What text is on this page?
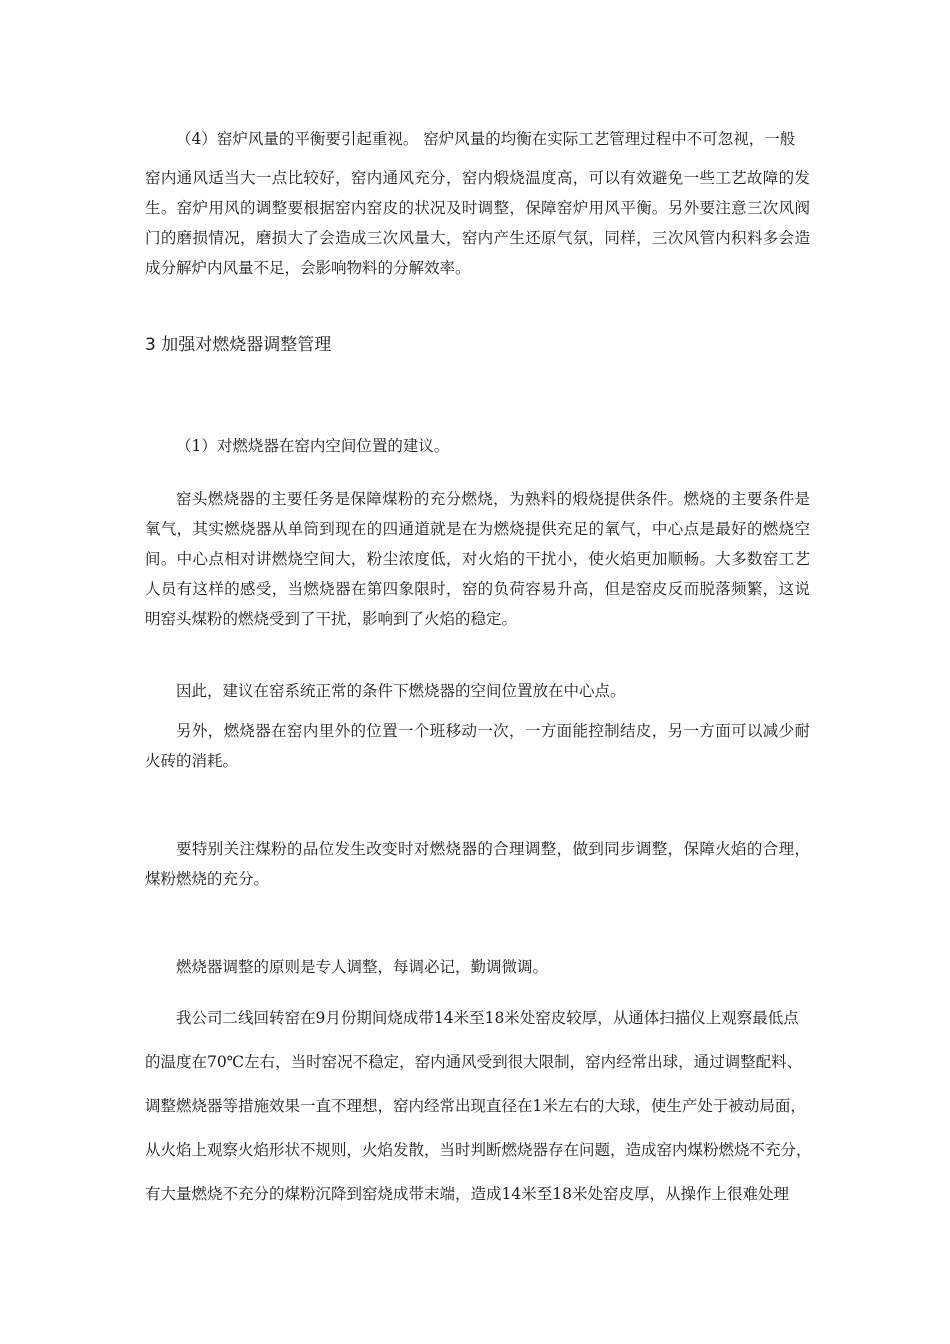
（4）窑炉风量的平衡要引起重视。 窑炉风量的均衡在实际工艺管理过程中不可忽视，一般

窑内通风适当大一点比较好，窑内通风充分，窑内煅烧温度高，可以有效避免一些工艺故障的发生。窑炉用风的调整要根据窑内窑皮的状况及时调整，保障窑炉用风平衡。另外要注意三次风阀门的磨损情况，磨损大了会造成三次风量大，窑内产生还原气氛，同样，三次风管内积料多会造成分解炉内风量不足，会影响物料的分解效率。

3 加强对燃烧器调整管理

（1）对燃烧器在窑内空间位置的建议。

窑头燃烧器的主要任务是保障煤粉的充分燃烧，为熟料的煅烧提供条件。燃烧的主要条件是氧气，其实燃烧器从单筒到现在的四通道就是在为燃烧提供充足的氧气，中心点是最好的燃烧空间。中心点相对讲燃烧空间大，粉尘浓度低，对火焰的干扰小，使火焰更加顺畅。大多数窑工艺人员有这样的感受，当燃烧器在第四象限时，窑的负荷容易升高，但是窑皮反而脱落频繁，这说明窑头煤粉的燃烧受到了干扰，影响到了火焰的稳定。

因此，建议在窑系统正常的条件下燃烧器的空间位置放在中心点。

另外，燃烧器在窑内里外的位置一个班移动一次，一方面能控制结皮，另一方面可以减少耐火砖的消耗。

要特别关注煤粉的品位发生改变时对燃烧器的合理调整，做到同步调整，保障火焰的合理，煤粉燃烧的充分。

燃烧器调整的原则是专人调整，每调必记，勤调微调。

我公司二线回转窑在9月份期间烧成带14米至18米处窑皮较厚，从通体扫描仪上观察最低点
的温度在70℃左右，当时窑况不稳定，窑内通风受到很大限制，窑内经常出球，通过调整配料、
调整燃烧器等措施效果一直不理想，窑内经常出现直径在1米左右的大球，使生产处于被动局面，
从火焰上观察火焰形状不规则，火焰发散，当时判断燃烧器存在问题，造成窑内煤粉燃烧不充分，
有大量燃烧不充分的煤粉沉降到窑烧成带末端，造成14米至18米处窑皮厚，从操作上很难处理
